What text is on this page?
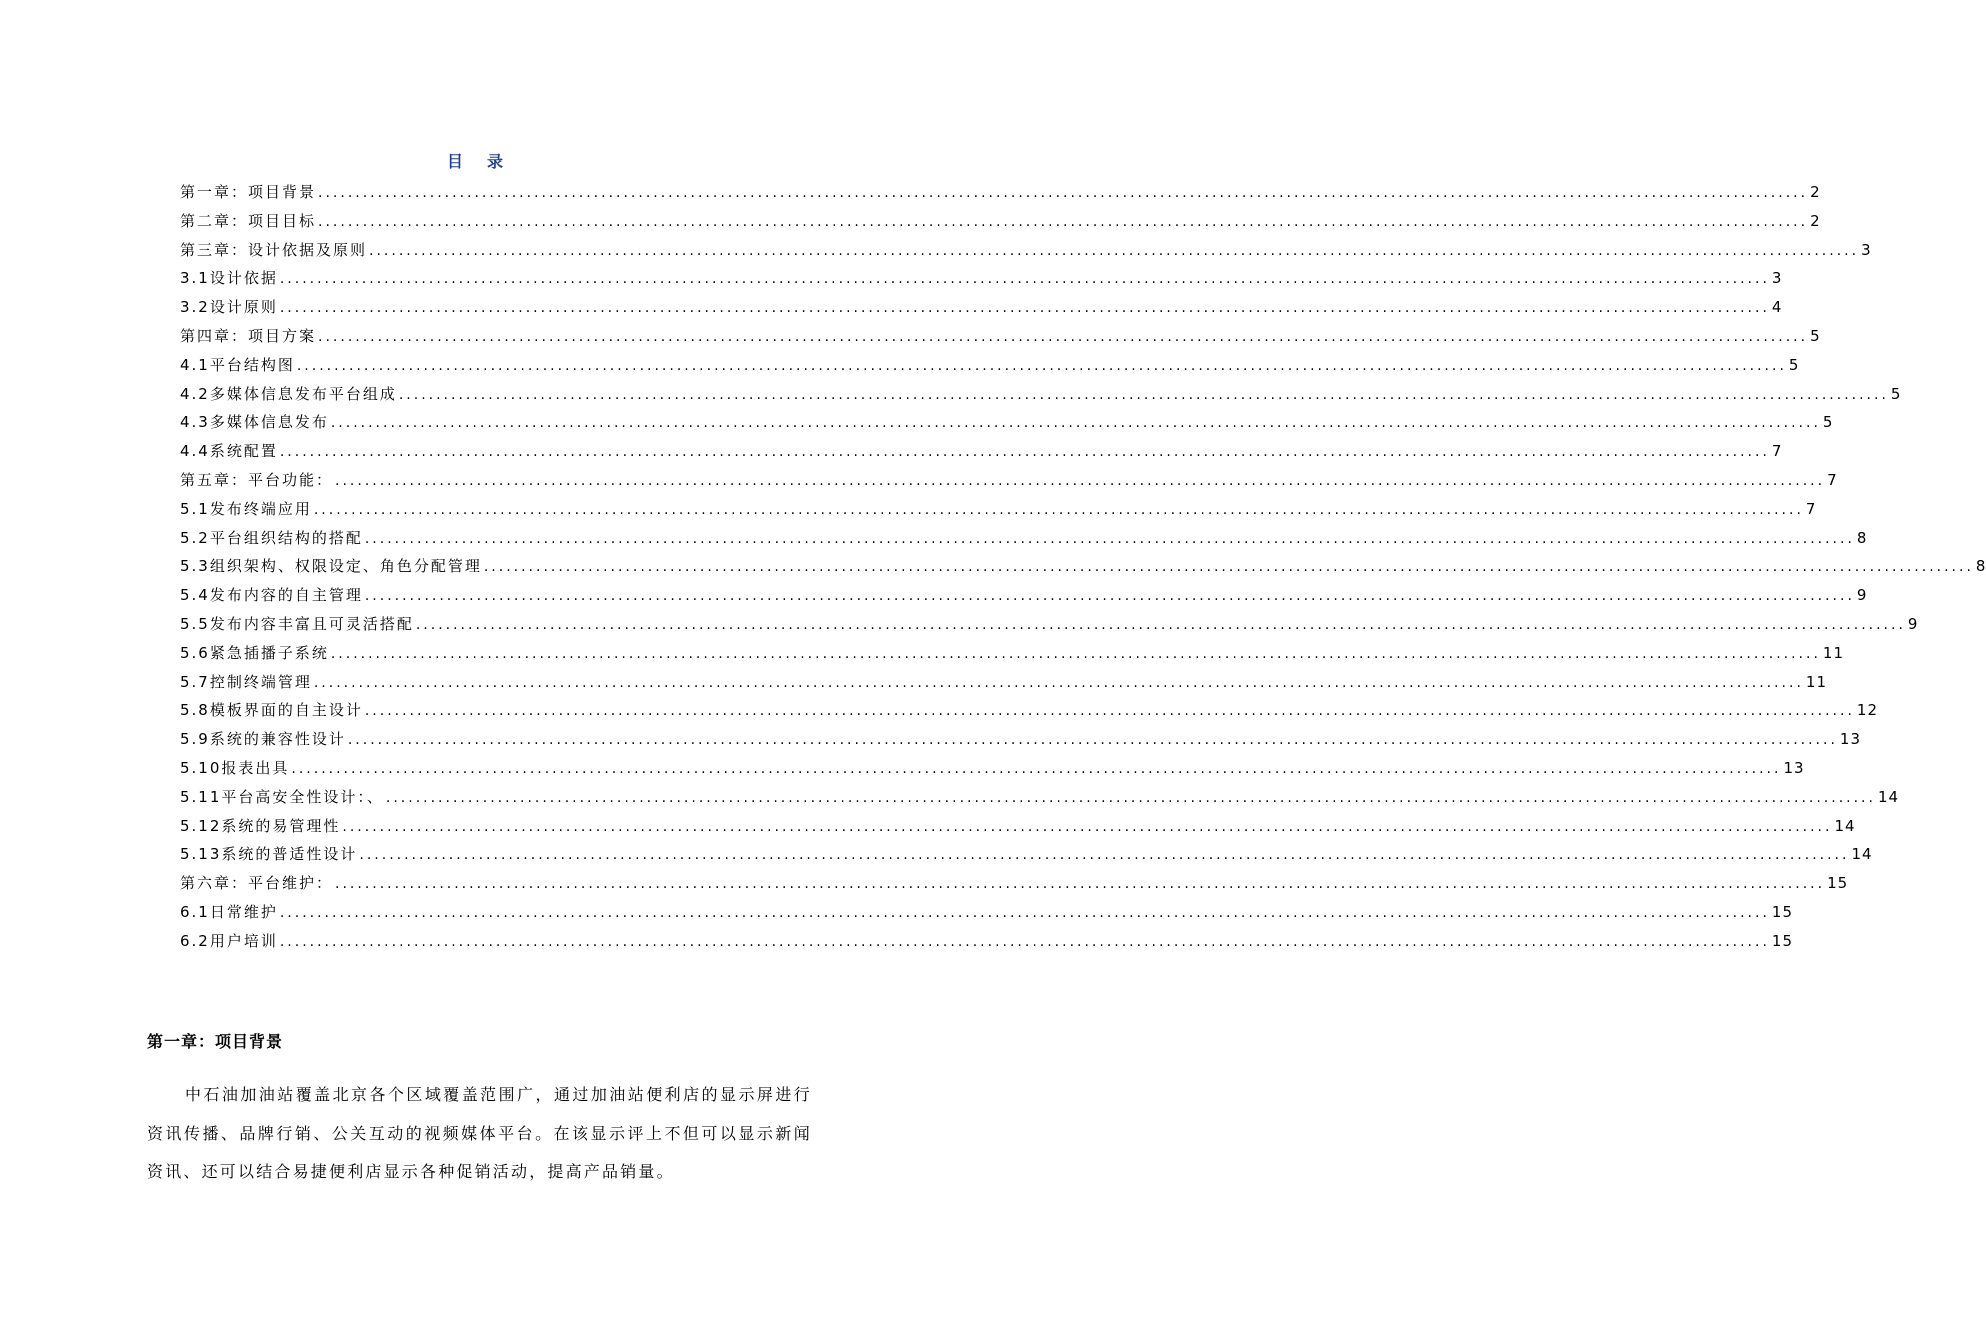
目录
第一章：项目背景 ........................................................................................................................................................................................................ 2
第二章：项目目标 ........................................................................................................................................................................................................ 2
第三章：设计依据及原则 ........................................................................................................................................................................................................ 3
3.1设计依据 ........................................................................................................................................................................................................ 3
3.2设计原则 ........................................................................................................................................................................................................ 4
第四章：项目方案 ........................................................................................................................................................................................................ 5
4.1平台结构图 ........................................................................................................................................................................................................ 5
4.2多媒体信息发布平台组成 ........................................................................................................................................................................................................ 5
4.3多媒体信息发布 ........................................................................................................................................................................................................ 5
4.4系统配置 ........................................................................................................................................................................................................ 7
第五章：平台功能： ........................................................................................................................................................................................................ 7
5.1发布终端应用 ........................................................................................................................................................................................................ 7
5.2平台组织结构的搭配 ........................................................................................................................................................................................................ 8
5.3组织架构、权限设定、角色分配管理 ........................................................................................................................................................................................................ 8
5.4发布内容的自主管理 ........................................................................................................................................................................................................ 9
5.5发布内容丰富且可灵活搭配 ........................................................................................................................................................................................................ 9
5.6紧急插播子系统 ........................................................................................................................................................................................................ 11
5.7控制终端管理 ........................................................................................................................................................................................................ 11
5.8模板界面的自主设计 ........................................................................................................................................................................................................ 12
5.9系统的兼容性设计 ........................................................................................................................................................................................................ 13
5.10报表出具 ........................................................................................................................................................................................................ 13
5.11平台高安全性设计：、 ........................................................................................................................................................................................................ 14
5.12系统的易管理性 ........................................................................................................................................................................................................ 14
5.13系统的普适性设计 ........................................................................................................................................................................................................ 14
第六章：平台维护： ........................................................................................................................................................................................................ 15
6.1日常维护 ........................................................................................................................................................................................................ 15
6.2用户培训 ........................................................................................................................................................................................................ 15
第一章：项目背景
中石油加油站覆盖北京各个区域覆盖范围广，通过加油站便利店的显示屏进行资讯传播、品牌行销、公关互动的视频媒体平台。在该显示评上不但可以显示新闻资讯、还可以结合易捷便利店显示各种促销活动，提高产品销量。
